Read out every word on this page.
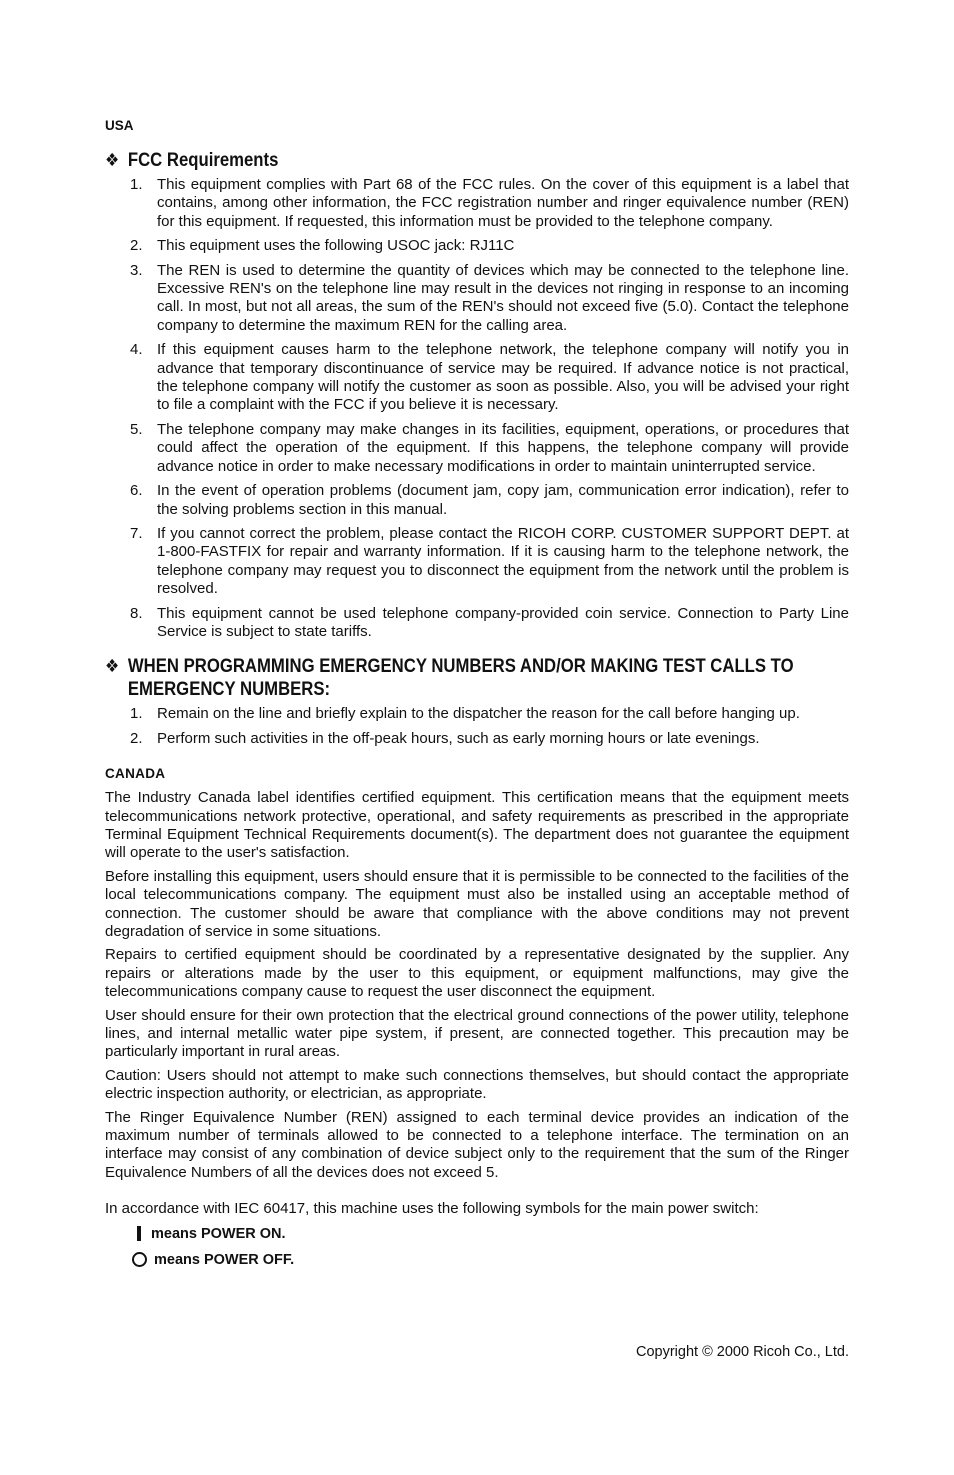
USA
❖ FCC Requirements
1. This equipment complies with Part 68 of the FCC rules. On the cover of this equipment is a label that contains, among other information, the FCC registration number and ringer equivalence number (REN) for this equipment. If requested, this information must be provided to the telephone company.
2. This equipment uses the following USOC jack: RJ11C
3. The REN is used to determine the quantity of devices which may be connected to the telephone line. Excessive REN's on the telephone line may result in the devices not ringing in response to an incoming call. In most, but not all areas, the sum of the REN's should not exceed five (5.0). Contact the telephone company to determine the maximum REN for the calling area.
4. If this equipment causes harm to the telephone network, the telephone company will notify you in advance that temporary discontinuance of service may be required. If advance notice is not practical, the telephone company will notify the customer as soon as possible. Also, you will be advised your right to file a complaint with the FCC if you believe it is necessary.
5. The telephone company may make changes in its facilities, equipment, operations, or procedures that could affect the operation of the equipment. If this happens, the telephone company will provide advance notice in order to make necessary modifications in order to maintain uninterrupted service.
6. In the event of operation problems (document jam, copy jam, communication error indication), refer to the solving problems section in this manual.
7. If you cannot correct the problem, please contact the RICOH CORP. CUSTOMER SUPPORT DEPT. at 1-800-FASTFIX for repair and warranty information. If it is causing harm to the telephone network, the telephone company may request you to disconnect the equipment from the network until the problem is resolved.
8. This equipment cannot be used telephone company-provided coin service. Connection to Party Line Service is subject to state tariffs.
❖ WHEN PROGRAMMING EMERGENCY NUMBERS AND/OR MAKING TEST CALLS TO EMERGENCY NUMBERS:
1. Remain on the line and briefly explain to the dispatcher the reason for the call before hanging up.
2. Perform such activities in the off-peak hours, such as early morning hours or late evenings.
CANADA

The Industry Canada label identifies certified equipment. This certification means that the equipment meets telecommunications network protective, operational, and safety requirements as prescribed in the appropriate Terminal Equipment Technical Requirements document(s). The department does not guarantee the equipment will operate to the user's satisfaction.

Before installing this equipment, users should ensure that it is permissible to be connected to the facilities of the local telecommunications company. The equipment must also be installed using an acceptable method of connection. The customer should be aware that compliance with the above conditions may not prevent degradation of service in some situations.

Repairs to certified equipment should be coordinated by a representative designated by the supplier. Any repairs or alterations made by the user to this equipment, or equipment malfunctions, may give the telecommunications company cause to request the user disconnect the equipment.

User should ensure for their own protection that the electrical ground connections of the power utility, telephone lines, and internal metallic water pipe system, if present, are connected together. This precaution may be particularly important in rural areas.

Caution: Users should not attempt to make such connections themselves, but should contact the appropriate electric inspection authority, or electrician, as appropriate.

The Ringer Equivalence Number (REN) assigned to each terminal device provides an indication of the maximum number of terminals allowed to be connected to a telephone interface. The termination on an interface may consist of any combination of device subject only to the requirement that the sum of the Ringer Equivalence Numbers of all the devices does not exceed 5.

In accordance with IEC 60417, this machine uses the following symbols for the main power switch:

means POWER ON.
means POWER OFF.
Copyright © 2000 Ricoh Co., Ltd.
